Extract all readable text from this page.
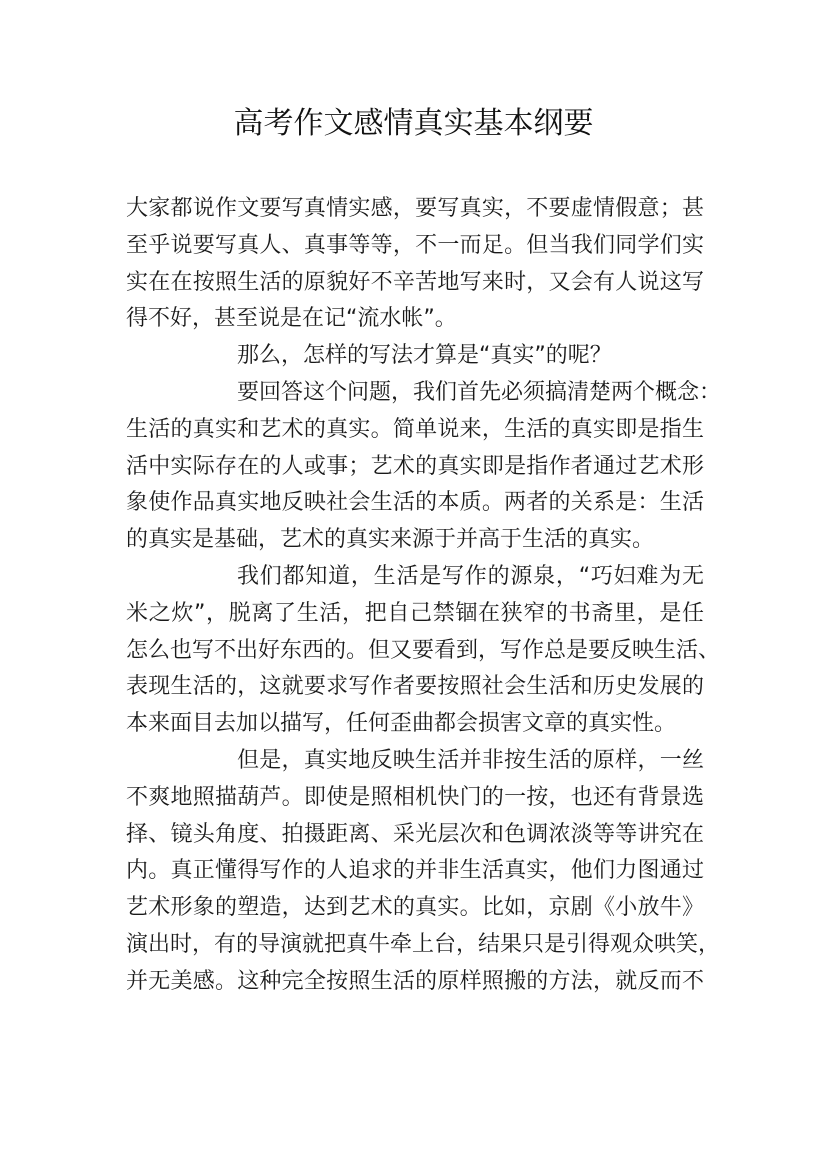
高考作文感情真实基本纲要
大家都说作文要写真情实感，要写真实，不要虚情假意；甚
至乎说要写真人、真事等等，不一而足。但当我们同学们实
实在在按照生活的原貌好不辛苦地写来时，又会有人说这写
得不好，甚至说是在记“流水帐”。
那么，怎样的写法才算是“真实”的呢？
要回答这个问题，我们首先必须搞清楚两个概念：
生活的真实和艺术的真实。简单说来，生活的真实即是指生
活中实际存在的人或事；艺术的真实即是指作者通过艺术形
象使作品真实地反映社会生活的本质。两者的关系是：生活
的真实是基础，艺术的真实来源于并高于生活的真实。
我们都知道，生活是写作的源泉，“巧妇难为无
米之炊”，脱离了生活，把自己禁锢在狭窄的书斋里，是任
怎么也写不出好东西的。但又要看到，写作总是要反映生活、
表现生活的，这就要求写作者要按照社会生活和历史发展的
本来面目去加以描写，任何歪曲都会损害文章的真实性。
但是，真实地反映生活并非按生活的原样，一丝
不爽地照描葫芦。即使是照相机快门的一按，也还有背景选
择、镜头角度、拍摄距离、采光层次和色调浓淡等等讲究在
内。真正懂得写作的人追求的并非生活真实，他们力图通过
艺术形象的塑造，达到艺术的真实。比如，京剧《小放牛》
演出时，有的导演就把真牛牵上台，结果只是引得观众哄笑，
并无美感。这种完全按照生活的原样照搬的方法，就反而不
